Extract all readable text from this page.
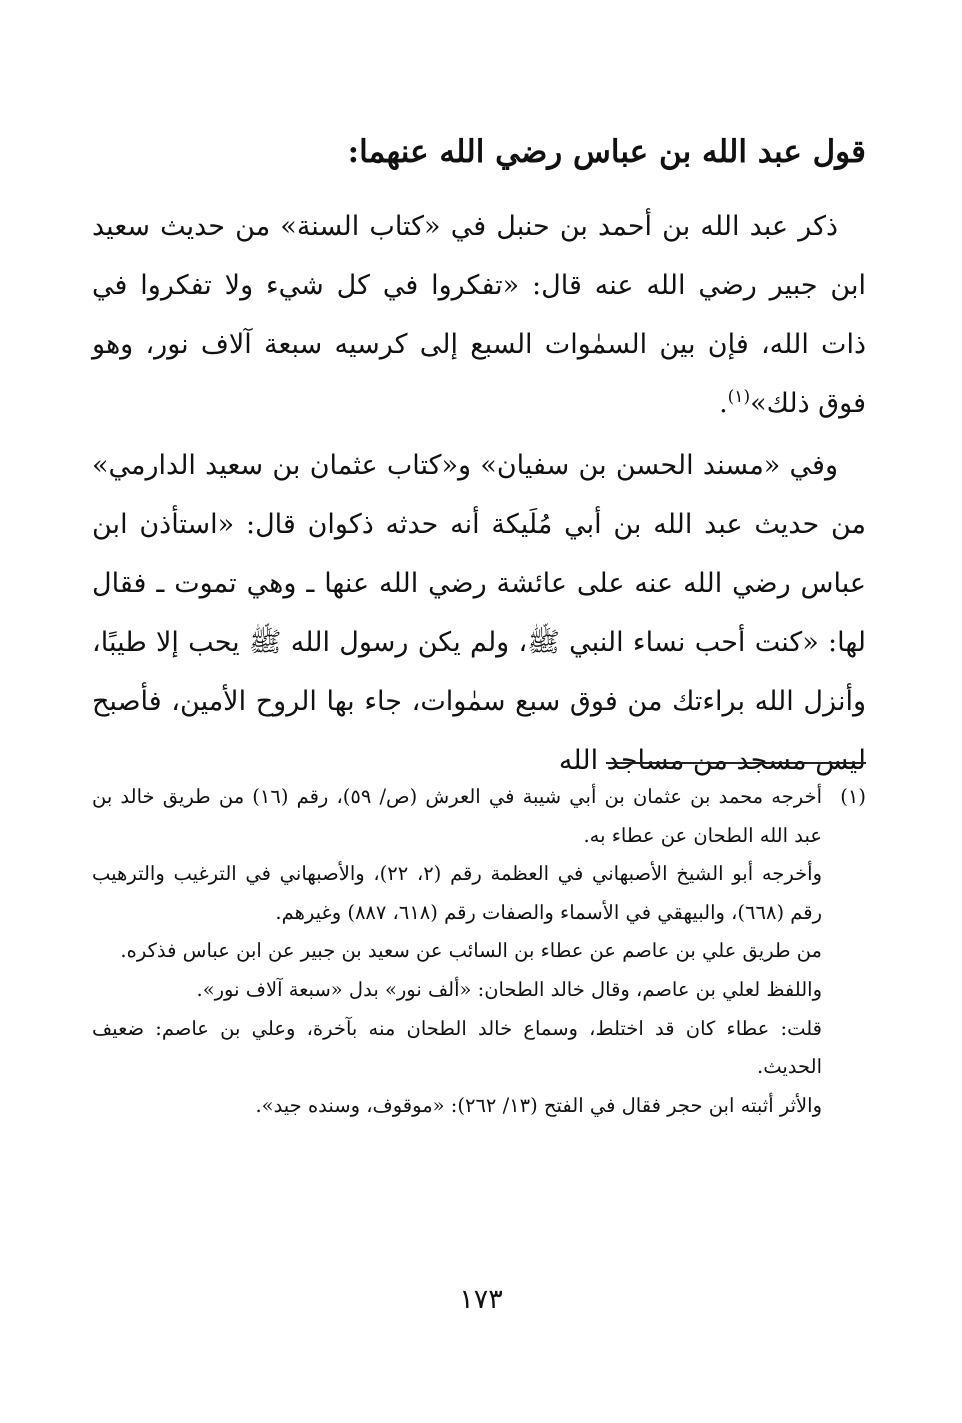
قول عبد الله بن عباس رضي الله عنهما:
ذكر عبد الله بن أحمد بن حنبل في «كتاب السنة» من حديث سعيد ابن جبير رضي الله عنه قال: «تفكروا في كل شيء ولا تفكروا في ذات الله، فإن بين السمٰوات السبع إلى كرسيه سبعة آلاف نور، وهو فوق ذلك»$^{(١)}$.
وفي «مسند الحسن بن سفيان» و«كتاب عثمان بن سعيد الدارمي» من حديث عبد الله بن أبي مُلَيكة أنه حدثه ذكوان قال: «استأذن ابن عباس رضي الله عنه على عائشة رضي الله عنها ـ وهي تموت ـ فقال لها: «كنت أحب نساء النبي ﷺ، ولم يكن رسول الله ﷺ يحب إلا طيبًا، وأنزل الله براءتك من فوق سبع سمٰوات، جاء بها الروح الأمين، فأصبح ليس مسجد من مساجد الله
(١)
أخرجه محمد بن عثمان بن أبي شيبة في العرش (ص/ ٥٩)، رقم (١٦) من طريق خالد بن عبد الله الطحان عن عطاء به.
وأخرجه أبو الشيخ الأصبهاني في العظمة رقم (٢، ٢٢)، والأصبهاني في الترغيب والترهيب رقم (٦٦٨)، والبيهقي في الأسماء والصفات رقم (٦١٨، ٨٨٧) وغيرهم.
من طريق علي بن عاصم عن عطاء بن السائب عن سعيد بن جبير عن ابن عباس فذكره.
واللفظ لعلي بن عاصم، وقال خالد الطحان: «ألف نور» بدل «سبعة آلاف نور».
قلت: عطاء كان قد اختلط، وسماع خالد الطحان منه بآخرة، وعلي بن عاصم: ضعيف الحديث.
والأثر أثبته ابن حجر فقال في الفتح (١٣/ ٢٦٢): «موقوف، وسنده جيد».
١٧٣
